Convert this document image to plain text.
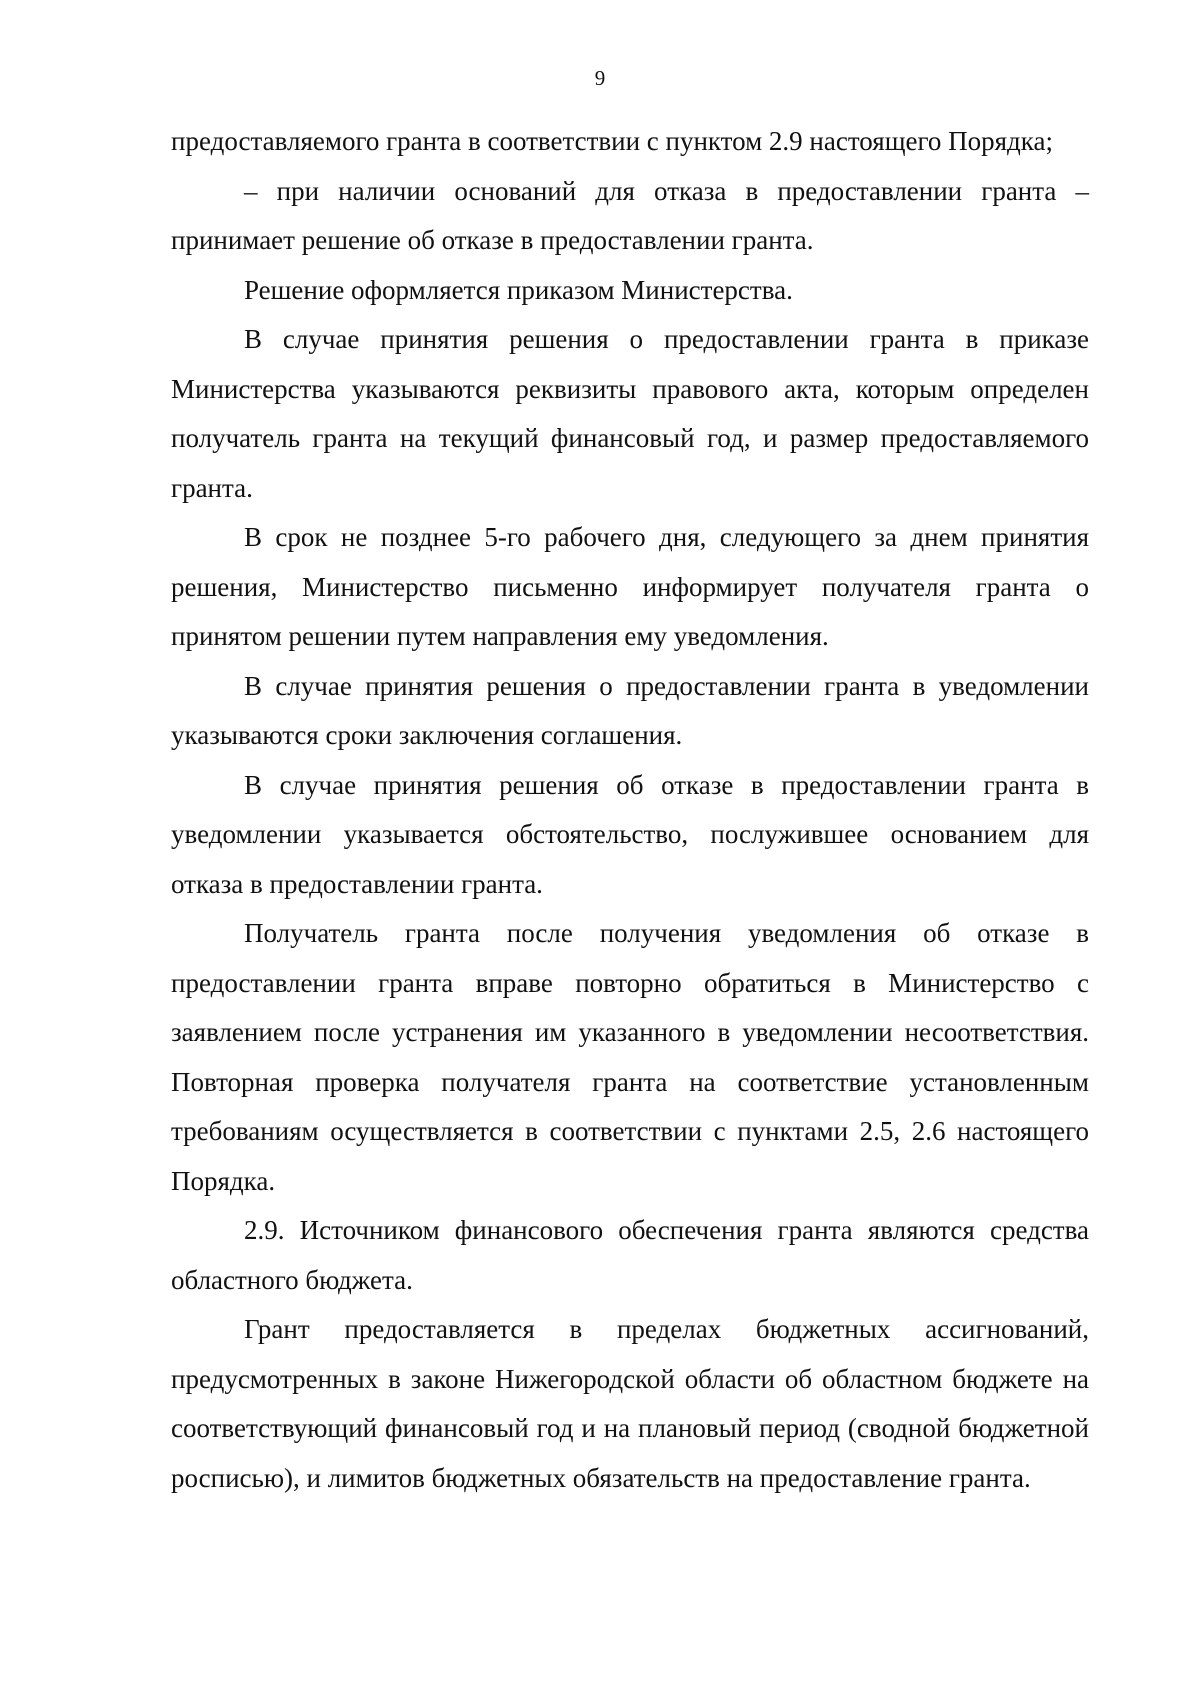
9

предоставляемого гранта в соответствии с пунктом 2.9 настоящего Порядка;

– при наличии оснований для отказа в предоставлении гранта – принимает решение об отказе в предоставлении гранта.

Решение оформляется приказом Министерства.

В случае принятия решения о предоставлении гранта в приказе Министерства указываются реквизиты правового акта, которым определен получатель гранта на текущий финансовый год, и размер предоставляемого гранта.

В срок не позднее 5-го рабочего дня, следующего за днем принятия решения, Министерство письменно информирует получателя гранта о принятом решении путем направления ему уведомления.

В случае принятия решения о предоставлении гранта в уведомлении указываются сроки заключения соглашения.

В случае принятия решения об отказе в предоставлении гранта в уведомлении указывается обстоятельство, послужившее основанием для отказа в предоставлении гранта.

Получатель гранта после получения уведомления об отказе в предоставлении гранта вправе повторно обратиться в Министерство с заявлением после устранения им указанного в уведомлении несоответствия. Повторная проверка получателя гранта на соответствие установленным требованиям осуществляется в соответствии с пунктами 2.5, 2.6 настоящего Порядка.

2.9. Источником финансового обеспечения гранта являются средства областного бюджета.

Грант предоставляется в пределах бюджетных ассигнований, предусмотренных в законе Нижегородской области об областном бюджете на соответствующий финансовый год и на плановый период (сводной бюджетной росписью), и лимитов бюджетных обязательств на предоставление гранта.
